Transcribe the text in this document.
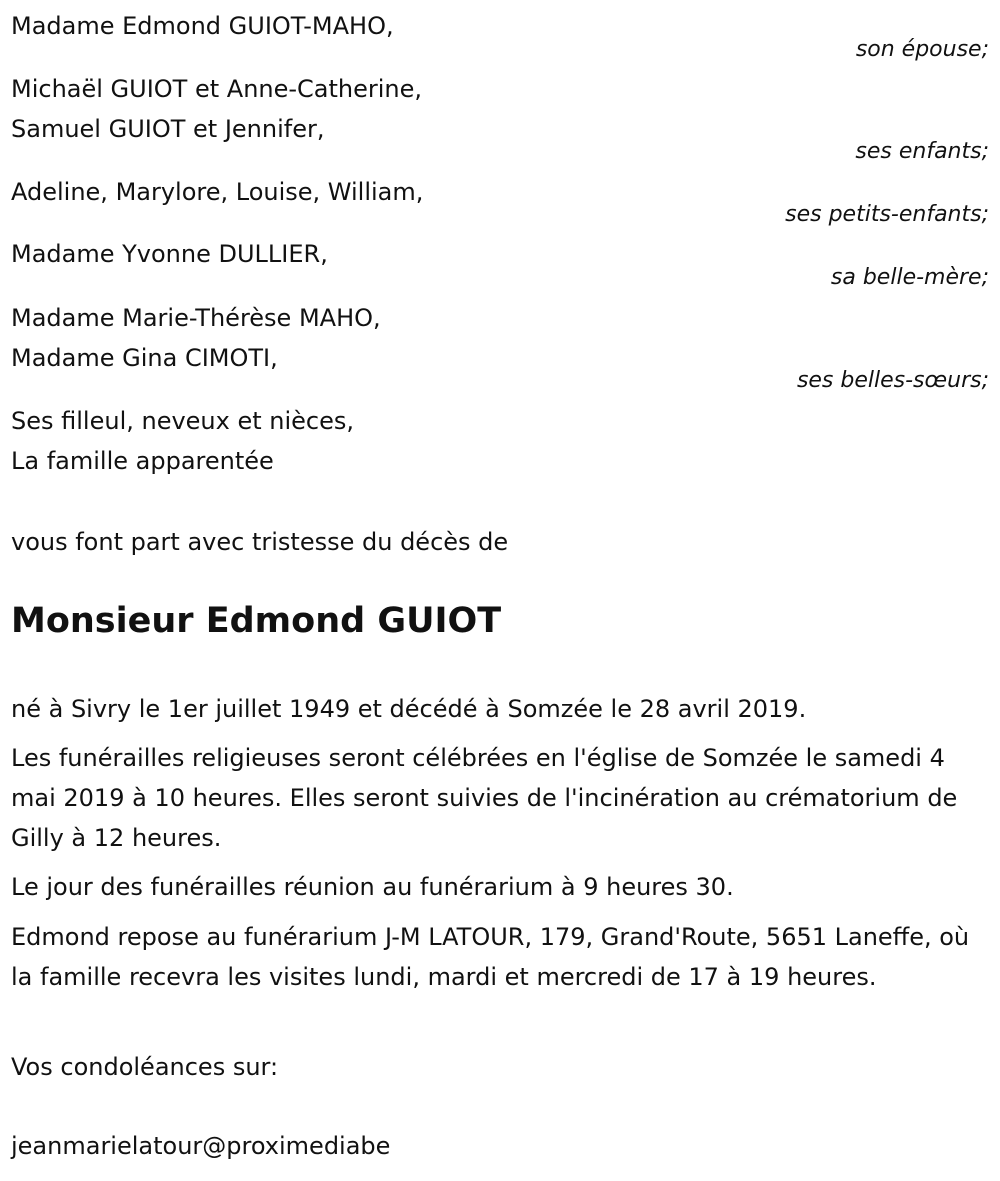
Madame Edmond GUIOT-MAHO,
son épouse;
Michaël GUIOT et Anne-Catherine,
Samuel GUIOT et Jennifer,
ses enfants;
Adeline, Marylore, Louise, William,
ses petits-enfants;
Madame Yvonne DULLIER,
sa belle-mère;
Madame Marie-Thérèse MAHO,
Madame Gina CIMOTI,
ses belles-sœurs;
Ses filleul, neveux et nièces,
La famille apparentée
vous font part avec tristesse du décès de
Monsieur Edmond GUIOT
né à Sivry le 1er juillet 1949 et décédé à Somzée le 28 avril 2019.
Les funérailles religieuses seront célébrées en l'église de Somzée le samedi 4 mai 2019 à 10 heures. Elles seront suivies de l'incinération au crématorium de Gilly à 12 heures.
Le jour des funérailles réunion au funérarium à 9 heures 30.
Edmond repose au funérarium J-M LATOUR, 179, Grand'Route, 5651 Laneffe, où la famille recevra les visites lundi, mardi et mercredi de 17 à 19 heures.
Vos condoléances sur:
jeanmarielatour@proximediabe
